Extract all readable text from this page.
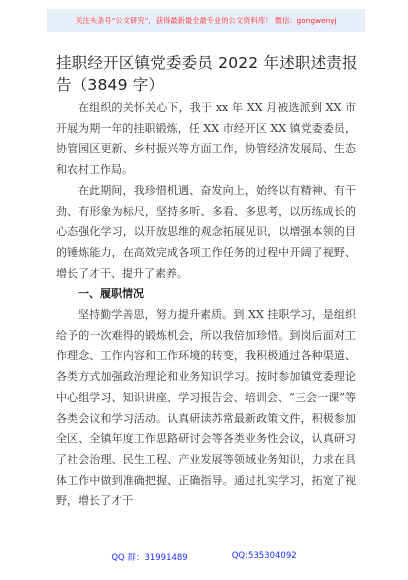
关注头条号“公文研究”，获得最新最全最专业的公文资料库！ 微信：gongwenyj
挂职经开区镇党委委员 2022 年述职述责报告（3849 字）

在组织的关怀关心下，我于 xx 年 XX 月被选派到 XX 市开展为期一年的挂职锻炼，任 XX 市经开区 XX 镇党委委员，协管园区更新、乡村振兴等方面工作，协管经济发展局、生态和农村工作局。

在此期间，我珍惜机遇、奋发向上，始终以有精神、有干劲、有形象为标尺，坚持多听、多看、多思考，以历练成长的心态强化学习，以开放思维的观念拓展见识，以增强本领的目的锤炼能力，在高效完成各项工作任务的过程中开阔了视野、增长了才干、提升了素养。

一、履职情况

坚持勤学善思，努力提升素质。到 XX 挂职学习，是组织给予的一次难得的锻炼机会，所以我倍加珍惜。到岗后面对工作理念、工作内容和工作环境的转变，我积极通过各种渠道、各类方式加强政治理论和业务知识学习。按时参加镇党委理论中心组学习、知识讲座、学习报告会、培训会、“三会一课”等各类会议和学习活动。认真研读苏常最新政策文件，积极参加全区、全镇年度工作思路研讨会等各类业务性会议，认真研习了社会治理、民生工程、产业发展等领域业务知识，力求在具体工作中做到准确把握、正确指导。通过扎实学习，拓宽了视野，增长了才干

QQ 群：31991489	QQ:535304092
